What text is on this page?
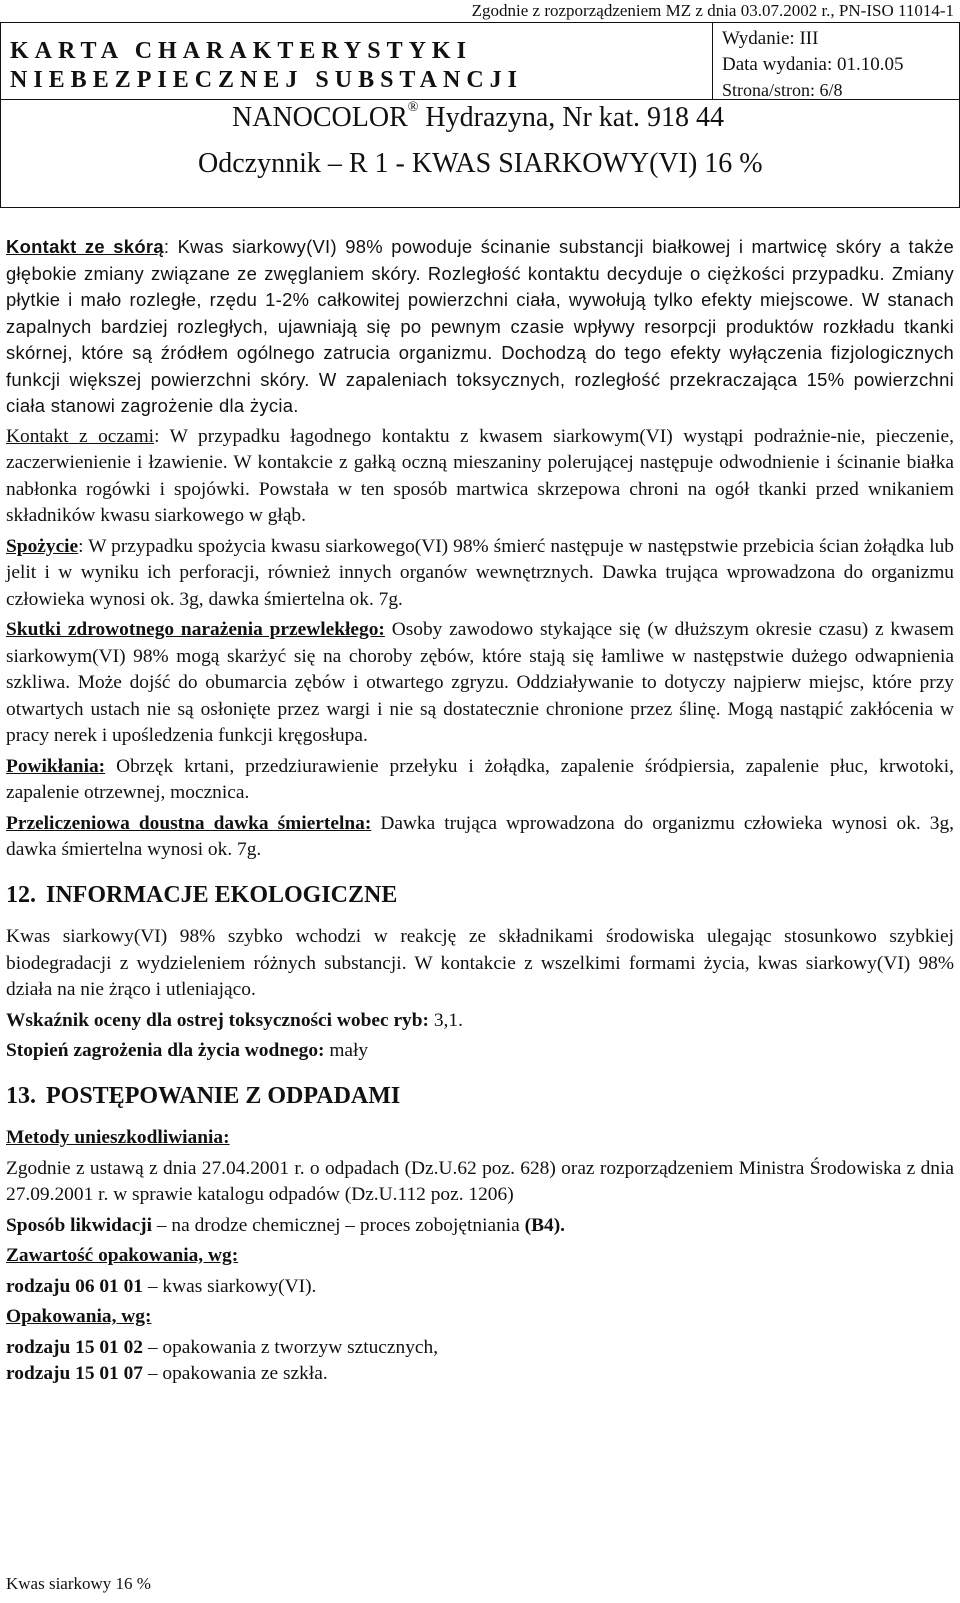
Zgodnie z rozporządzeniem MZ z dnia 03.07.2002 r., PN-ISO 11014-1
KARTA CHARAKTERYSTYKI
NIEBEZPIECZNEJ SUBSTANCJI
Wydanie: III
Data wydania: 01.10.05
Strona/stron: 6/8
NANOCOLOR® Hydrazyna, Nr kat. 918 44
Odczynnik – R 1 - KWAS SIARKOWY(VI) 16 %

Kontakt ze skórą: Kwas siarkowy(VI) 98% powoduje ścinanie substancji białkowej i martwicę skóry a także głębokie zmiany związane ze zwęglaniem skóry. Rozległość kontaktu decyduje o ciężkości przypadku. Zmiany płytkie i mało rozległe, rzędu 1-2% całkowitej powierzchni ciała, wywołują tylko efekty miejscowe. W stanach zapalnych bardziej rozległych, ujawniają się po pewnym czasie wpływy resorpcji produktów rozkładu tkanki skórnej, które są źródłem ogólnego zatrucia organizmu. Dochodzą do tego efekty wyłączenia fizjologicznych funkcji większej powierzchni skóry. W zapaleniach toksycznych, rozległość przekraczająca 15% powierzchni ciała stanowi zagrożenie dla życia.

Kontakt z oczami: W przypadku łagodnego kontaktu z kwasem siarkowym(VI) wystąpi podrażnie-nie, pieczenie, zaczerwienienie i łzawienie. W kontakcie z gałką oczną mieszaniny polerującej następuje odwodnienie i ścinanie białka nabłonka rogówki i spojówki. Powstała w ten sposób martwica skrzepowa chroni na ogół tkanki przed wnikaniem składników kwasu siarkowego w głąb.

Spożycie: W przypadku spożycia kwasu siarkowego(VI) 98% śmierć następuje w następstwie przebicia ścian żołądka lub jelit i w wyniku ich perforacji, również innych organów wewnętrznych. Dawka trująca wprowadzona do organizmu człowieka wynosi ok. 3g, dawka śmiertelna ok. 7g.

Skutki zdrowotnego narażenia przewlekłego: Osoby zawodowo stykające się (w dłuższym okresie czasu) z kwasem siarkowym(VI) 98% mogą skarżyć się na choroby zębów, które stają się łamliwe w następstwie dużego odwapnienia szkliwa. Może dojść do obumarcia zębów i otwartego zgryzu. Oddziaływanie to dotyczy najpierw miejsc, które przy otwartych ustach nie są osłonięte przez wargi i nie są dostatecznie chronione przez ślinę. Mogą nastąpić zakłócenia w pracy nerek i upośledzenia funkcji kręgosłupa.

Powikłania: Obrzęk krtani, przedziurawienie przełyku i żołądka, zapalenie śródpiersia, zapalenie płuc, krwotoki, zapalenie otrzewnej, mocznica.

Przeliczeniowa doustna dawka śmiertelna: Dawka trująca wprowadzona do organizmu człowieka wynosi ok. 3g, dawka śmiertelna wynosi ok. 7g.

12. INFORMACJE EKOLOGICZNE

Kwas siarkowy(VI) 98% szybko wchodzi w reakcję ze składnikami środowiska ulegając stosunkowo szybkiej biodegradacji z wydzieleniem różnych substancji. W kontakcie z wszelkimi formami życia, kwas siarkowy(VI) 98% działa na nie żrąco i utleniająco.

Wskaźnik oceny dla ostrej toksyczności wobec ryb: 3,1.

Stopień zagrożenia dla życia wodnego: mały

13. POSTĘPOWANIE Z ODPADAMI

Metody unieszkodliwiania:

Zgodnie z ustawą z dnia 27.04.2001 r. o odpadach (Dz.U.62 poz. 628) oraz rozporządzeniem Ministra Środowiska z dnia 27.09.2001 r. w sprawie katalogu odpadów (Dz.U.112 poz. 1206)

Sposób likwidacji – na drodze chemicznej – proces zobojętniania (B4).

Zawartość opakowania, wg:

rodzaju 06 01 01 – kwas siarkowy(VI).

Opakowania, wg:

rodzaju 15 01 02 – opakowania z tworzyw sztucznych,

rodzaju 15 01 07 – opakowania ze szkła.

Kwas siarkowy 16 %
